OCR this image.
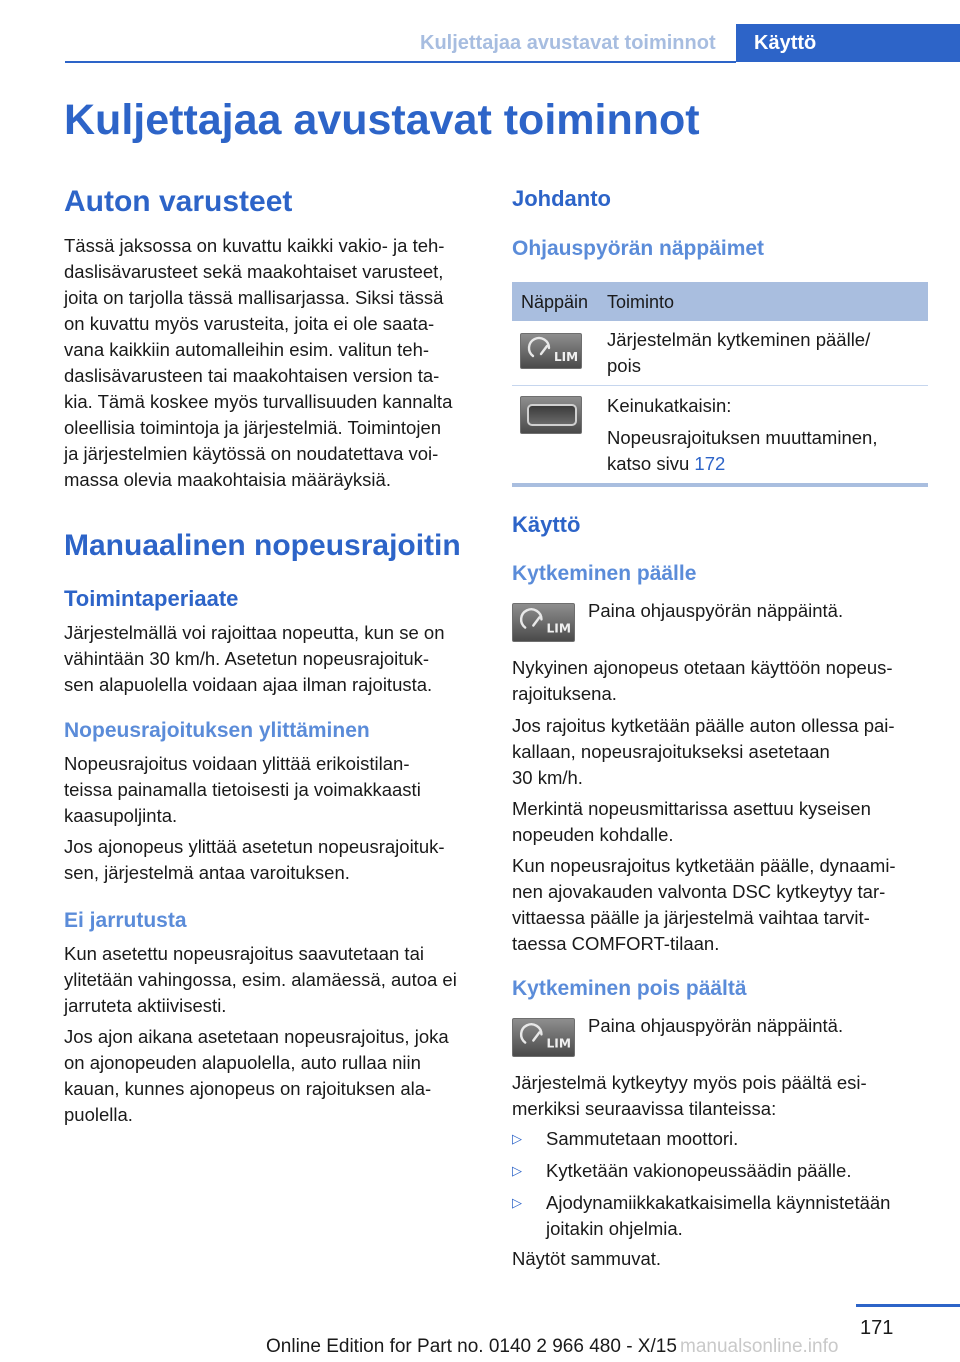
Kuljettajaa avustavat toiminnot	Käyttö
Kuljettajaa avustavat toiminnot
Auton varusteet
Tässä jaksossa on kuvattu kaikki vakio- ja teh‐
daslisävarusteet sekä maakohtaiset varusteet,
joita on tarjolla tässä mallisarjassa. Siksi tässä
on kuvattu myös varusteita, joita ei ole saata‐
vana kaikkiin automalleihin esim. valitun teh‐
daslisävarusteen tai maakohtaisen version ta‐
kia. Tämä koskee myös turvallisuuden kannalta
oleellisia toimintoja ja järjestelmiä. Toimintojen
ja järjestelmien käytössä on noudatettava voi‐
massa olevia maakohtaisia määräyksiä.
Manuaalinen nopeusrajoitin
Toimintaperiaate
Järjestelmällä voi rajoittaa nopeutta, kun se on
vähintään 30 km/h. Asetetun nopeusrajoituk‐
sen alapuolella voidaan ajaa ilman rajoitusta.
Nopeusrajoituksen ylittäminen
Nopeusrajoitus voidaan ylittää erikoistilan‐
teissa painamalla tietoisesti ja voimakkaasti
kaasupoljinta.
Jos ajonopeus ylittää asetetun nopeusrajoituk‐
sen, järjestelmä antaa varoituksen.
Ei jarrutusta
Kun asetettu nopeusrajoitus saavutetaan tai
ylitetään vahingossa, esim. alamäessä, autoa ei
jarruteta aktiivisesti.
Jos ajon aikana asetetaan nopeusrajoitus, joka
on ajonopeuden alapuolella, auto rullaa niin
kauan, kunnes ajonopeus on rajoituksen ala‐
puolella.
Johdanto
Ohjauspyörän näppäimet
Näppäin Toiminto
LIM
Järjestelmän kytkeminen päälle/
pois
Keinukatkaisin:
Nopeusrajoituksen muuttaminen,
katso sivu 172
Käyttö
Kytkeminen päälle
LIM
Paina ohjauspyörän näppäintä.
Nykyinen ajonopeus otetaan käyttöön nopeus‐
rajoituksena.
Jos rajoitus kytketään päälle auton ollessa pai‐
kallaan, nopeusrajoitukseksi asetetaan
30 km/h.
Merkintä nopeusmittarissa asettuu kyseisen
nopeuden kohdalle.
Kun nopeusrajoitus kytketään päälle, dynaami‐
nen ajovakauden valvonta DSC kytkeytyy tar‐
vittaessa päälle ja järjestelmä vaihtaa tarvit‐
taessa COMFORT-tilaan.
Kytkeminen pois päältä
LIM
Paina ohjauspyörän näppäintä.
Järjestelmä kytkeytyy myös pois päältä esi‐
merkiksi seuraavissa tilanteissa:
▷ Sammutetaan moottori.
▷ Kytketään vakionopeussäädin päälle.
▷ Ajodynamiikkakatkaisimella käynnistetään
joitakin ohjelmia.
Näytöt sammuvat.
171
Online Edition for Part no. 0140 2 966 480 - X/15 manualsonline.info
